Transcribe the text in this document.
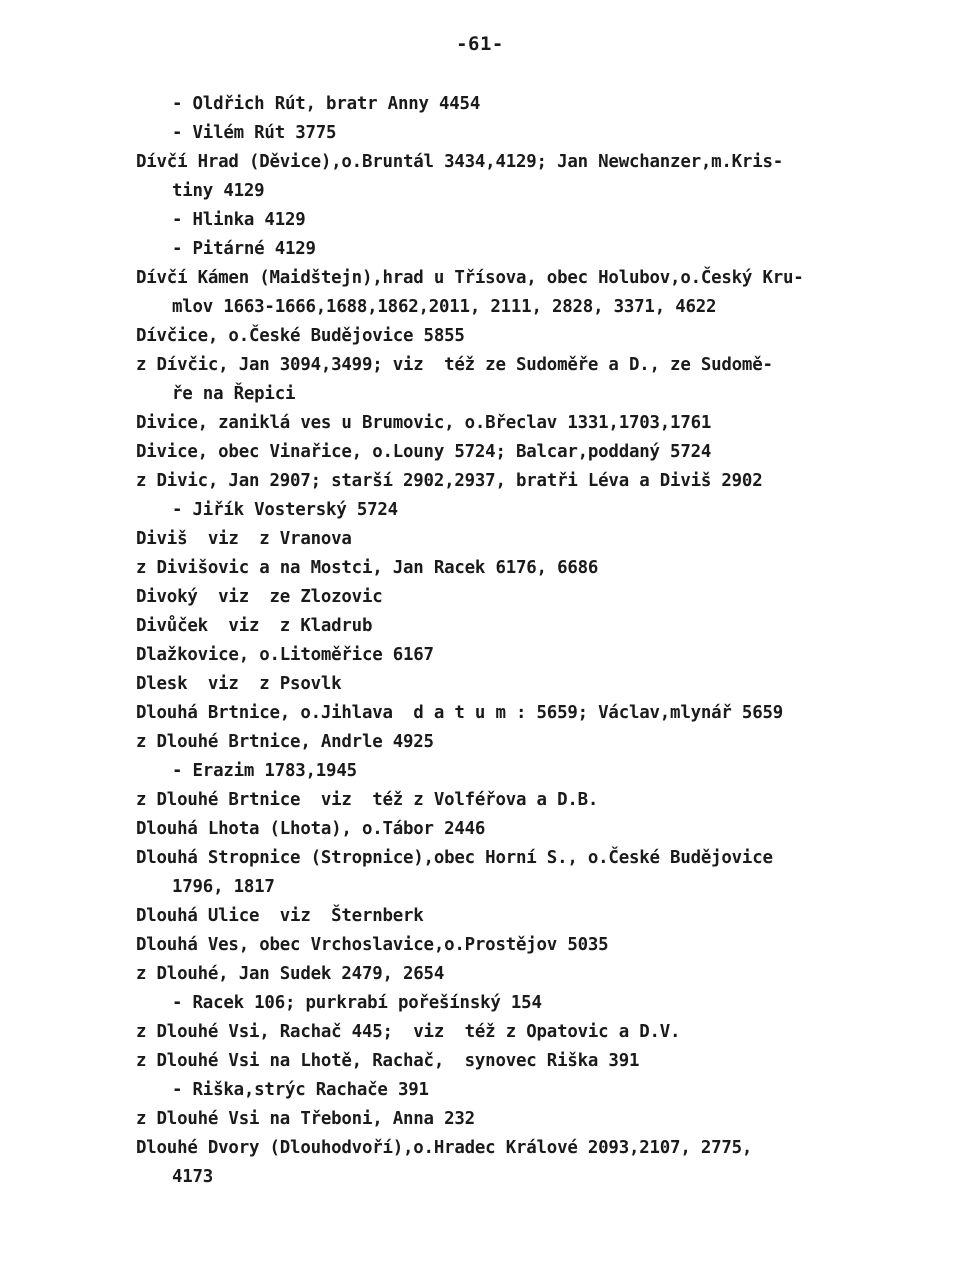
-61-
- Oldřich Rút, bratr Anny 4454
- Vilém Rút 3775
Dívčí Hrad (Děvice),o.Bruntál 3434,4129; Jan Newchanzer,m.Kris-
tiny 4129
- Hlinka 4129
- Pitárné 4129
Dívčí Kámen (Maidštejn),hrad u Třísova, obec Holubov,o.Český Kru-
mlov 1663-1666,1688,1862,2011, 2111, 2828, 3371, 4622
Dívčice, o.České Budějovice 5855
z Dívčic, Jan 3094,3499; viz  též ze Sudoměře a D., ze Sudomě-
ře na Řepici
Divice, zaniklá ves u Brumovic, o.Břeclav 1331,1703,1761
Divice, obec Vinařice, o.Louny 5724; Balcar,poddaný 5724
z Divic, Jan 2907; starší 2902,2937, bratři Léva a Diviš 2902
- Jiřík Vosterský 5724
Diviš  viz  z Vranova
z Divišovic a na Mostci, Jan Racek 6176, 6686
Divoký  viz  ze Zlozovic
Divůček  viz  z Kladrub
Dlažkovice, o.Litoměřice 6167
Dlesk  viz  z Psovlk
Dlouhá Brtnice, o.Jihlava  d a t u m : 5659; Václav,mlynář 5659
z Dlouhé Brtnice, Andrle 4925
- Erazim 1783,1945
z Dlouhé Brtnice  viz  též z Volféřova a D.B.
Dlouhá Lhota (Lhota), o.Tábor 2446
Dlouhá Stropnice (Stropnice),obec Horní S., o.České Budějovice
1796, 1817
Dlouhá Ulice  viz  Šternberk
Dlouhá Ves, obec Vrchoslavice,o.Prostějov 5035
z Dlouhé, Jan Sudek 2479, 2654
- Racek 106; purkrabí pořešínský 154
z Dlouhé Vsi, Rachač 445;  viz  též z Opatovic a D.V.
z Dlouhé Vsi na Lhotě, Rachač,  synovec Riška 391
- Riška,strýc Rachače 391
z Dlouhé Vsi na Třeboni, Anna 232
Dlouhé Dvory (Dlouhodvoří),o.Hradec Králové 2093,2107, 2775,
4173
